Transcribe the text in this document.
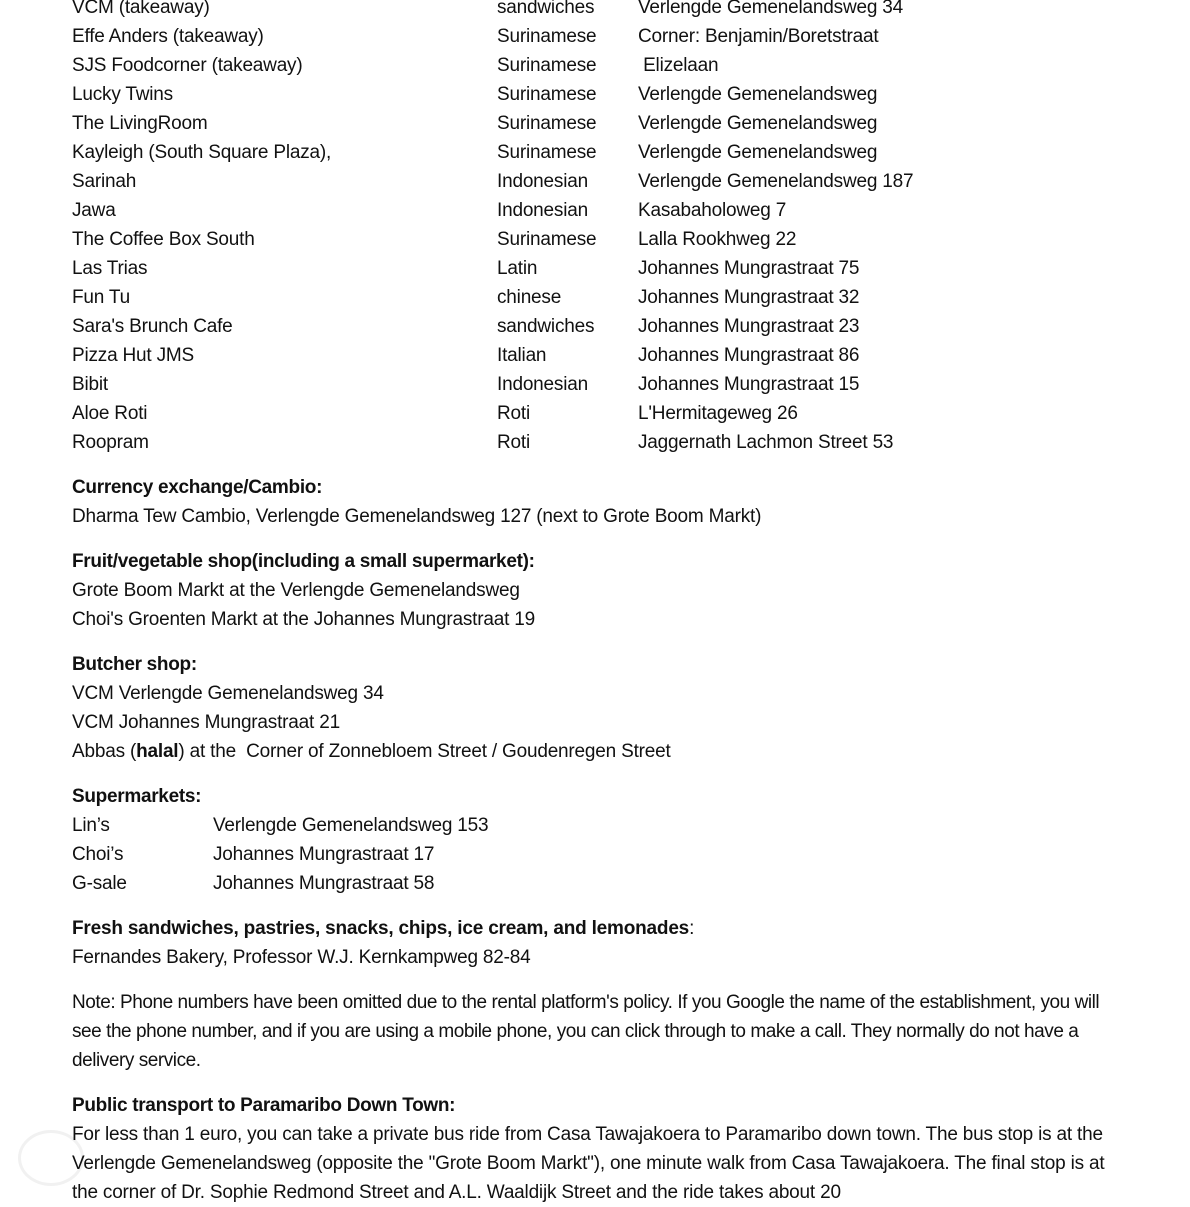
VCM (takeaway)	sandwiches Verlengde Gemenelandsweg 34
Effe Anders (takeaway)	Surinamese Corner: Benjamin/Boretstraat
SJS Foodcorner (takeaway)	Surinamese Elizelaan
Lucky Twins	Surinamese Verlengde Gemenelandsweg
The LivingRoom	Surinamese Verlengde Gemenelandsweg
Kayleigh (South Square Plaza),	Surinamese Verlengde Gemenelandsweg
Sarinah	Indonesian	Verlengde Gemenelandsweg 187
Jawa	Indonesian	Kasabaholoweg 7
The Coffee Box South	Surinamese Lalla Rookhweg 22
Las Trias	Latin	Johannes Mungrastraat 75
Fun Tu	chinese	Johannes Mungrastraat 32
Sara's Brunch Cafe	sandwiches Johannes Mungrastraat 23
Pizza Hut JMS	Italian	Johannes Mungrastraat 86
Bibit	Indonesian	Johannes Mungrastraat 15
Aloe Roti	Roti	L'Hermitageweg 26
Roopram	Roti	Jaggernath Lachmon Street 53
Currency exchange/Cambio:
Dharma Tew Cambio, Verlengde Gemenelandsweg 127 (next to Grote Boom Markt)
Fruit/vegetable shop(including a small supermarket):
Grote Boom Markt at the Verlengde Gemenelandsweg
Choi's Groenten Markt at the Johannes Mungrastraat 19
Butcher shop:
VCM Verlengde Gemenelandsweg 34
VCM Johannes Mungrastraat 21
Abbas (halal) at the  Corner of Zonnebloem Street / Goudenregen Street
Supermarkets:
Lin’s	Verlengde Gemenelandsweg 153
Choi’s	Johannes Mungrastraat 17
G-sale	Johannes Mungrastraat 58
Fresh sandwiches, pastries, snacks, chips, ice cream, and lemonades:
Fernandes Bakery, Professor W.J. Kernkampweg 82-84
Note: Phone numbers have been omitted due to the rental platform's policy. If you Google the name of the establishment, you will see the phone number, and if you are using a mobile phone, you can click through to make a call. They normally do not have a delivery service.
Public transport to Paramaribo Down Town:
For less than 1 euro, you can take a private bus ride from Casa Tawajakoera to Paramaribo down town. The bus stop is at the Verlengde Gemenelandsweg (opposite the "Grote Boom Markt"), one minute walk from Casa Tawajakoera. The final stop is at the corner of Dr. Sophie Redmond Street and A.L. Waaldijk Street and the ride takes about 20
